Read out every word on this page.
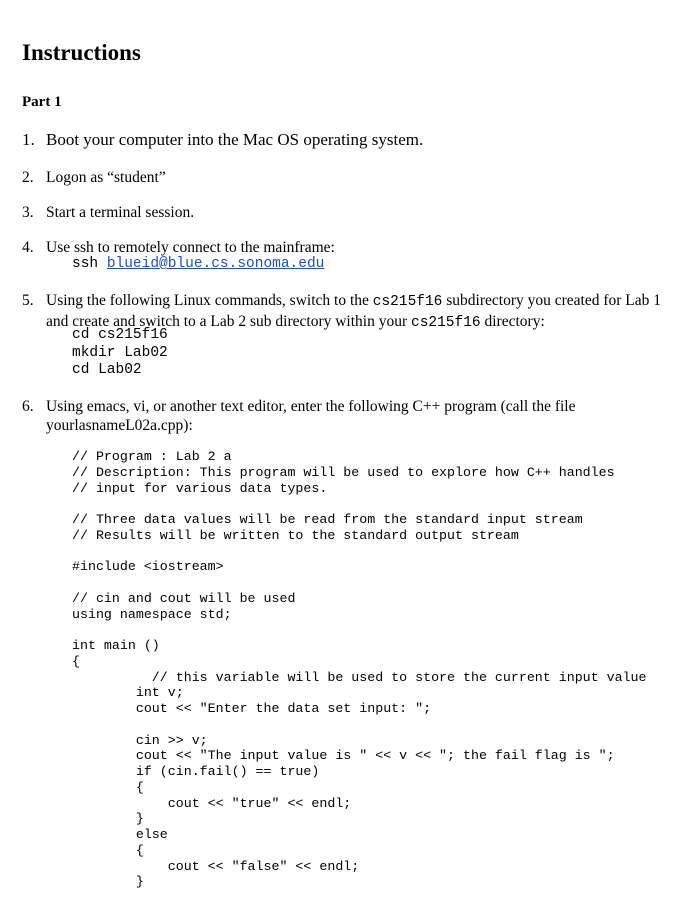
Instructions
Part 1
1. Boot your computer into the Mac OS operating system.
2. Logon as “student”
3. Start a terminal session.
4. Use ssh to remotely connect to the mainframe:
ssh blueid@blue.cs.sonoma.edu
5. Using the following Linux commands, switch to the cs215f16 subdirectory you created for Lab 1 and create and switch to a Lab 2 sub directory within your cs215f16 directory:
cd cs215f16
mkdir Lab02
cd Lab02
6. Using emacs, vi, or another text editor, enter the following C++ program (call the file yourlasnameL02a.cpp):
// Program : Lab 2 a
// Description: This program will be used to explore how C++ handles
// input for various data types.

// Three data values will be read from the standard input stream
// Results will be written to the standard output stream

#include <iostream>

// cin and cout will be used
using namespace std;

int main ()
{
// this variable will be used to store the current input value
int v;
cout << "Enter the data set input: ";

cin >> v;
cout << "The input value is " << v << "; the fail flag is ";
if (cin.fail() == true)
{
cout << "true" << endl;
}
else
{
cout << "false" << endl;
}
